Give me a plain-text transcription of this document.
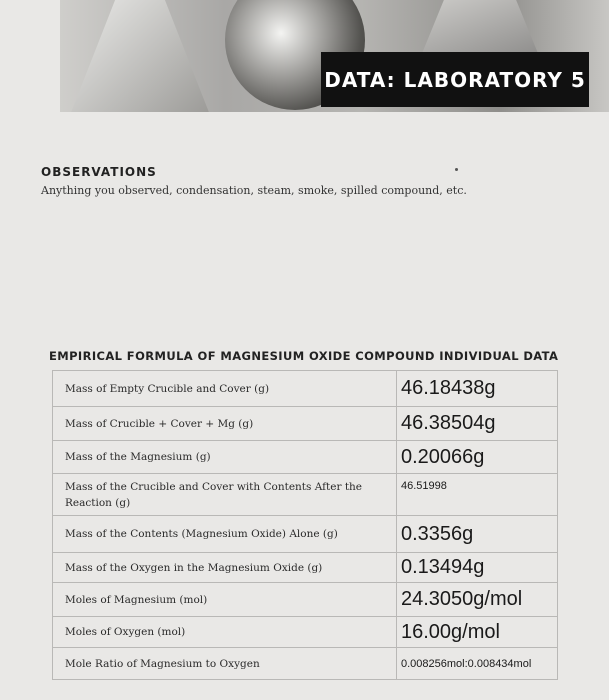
DATA: LABORATORY 5
OBSERVATIONS
Anything you observed, condensation, steam, smoke, spilled compound, etc.
EMPIRICAL FORMULA OF MAGNESIUM OXIDE COMPOUND INDIVIDUAL DATA
Mass of Empty Crucible and Cover (g)	46.18438g
Mass of Crucible + Cover + Mg (g)	46.38504g
Mass of the Magnesium (g)	0.20066g
Mass of the Crucible and Cover with Contents After the Reaction (g)	46.51998
Mass of the Contents (Magnesium Oxide) Alone (g)	0.3356g
Mass of the Oxygen in the Magnesium Oxide (g)	0.13494g
Moles of Magnesium (mol)	24.3050g/mol
Moles of Oxygen (mol)	16.00g/mol
Mole Ratio of Magnesium to Oxygen	0.008256mol:0.008434mol
